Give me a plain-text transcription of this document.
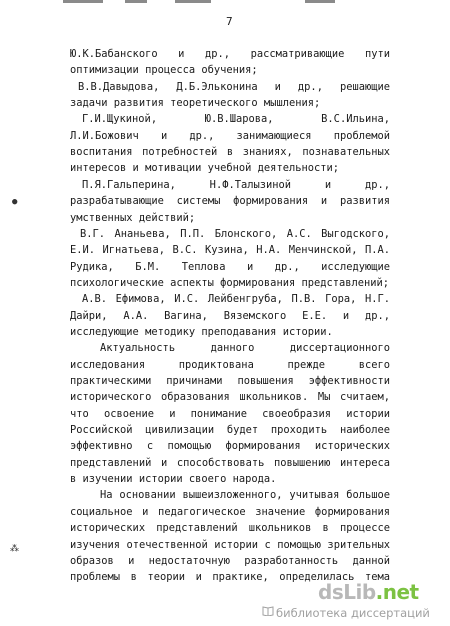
7
Ю.К.Бабанского и др., рассматривающие пути
оптимизации процесса обучения;
В.В.Давыдова, Д.Б.Эльконина и др., решающие
задачи развития теоретического мышления;
Г.И.Щукиной, Ю.В.Шарова, В.С.Ильина,
Л.И.Божович и др., занимающиеся проблемой
воспитания потребностей в знаниях, познавательных
интересов и мотивации учебной деятельности;
П.Я.Гальперина, Н.Ф.Талызиной и др.,
разрабатывающие системы формирования и развития
умственных действий;
В.Г. Ананьева, П.П. Блонского, А.С. Выгодского,
Е.И. Игнатьева, В.С. Кузина, Н.А. Менчинской, П.А.
Рудика, Б.М. Теплова и др., исследующие
психологические аспекты формирования представлений;
А.В. Ефимова, И.С. Лейбенгруба, П.В. Гора, Н.Г.
Дайри, А.А. Вагина, Вяземского Е.Е. и др.,
исследующие методику преподавания истории.
Актуальность данного диссертационного
исследования продиктована прежде всего
практическими причинами повышения эффективности
исторического образования школьников. Мы считаем,
что освоение и понимание своеобразия истории
Российской цивилизации будет проходить наиболее
эффективно с помощью формирования исторических
представлений и способствовать повышению интереса
в изучении истории своего народа.
На основании вышеизложенного, учитывая большое
социальное и педагогическое значение формирования
исторических представлений школьников в процессе
изучения отечественной истории с помощью зрительных
образов и недостаточную разработанность данной
проблемы в теории и практике, определилась тема
●
⁂
dsLib.net
библиотека диссертаций
